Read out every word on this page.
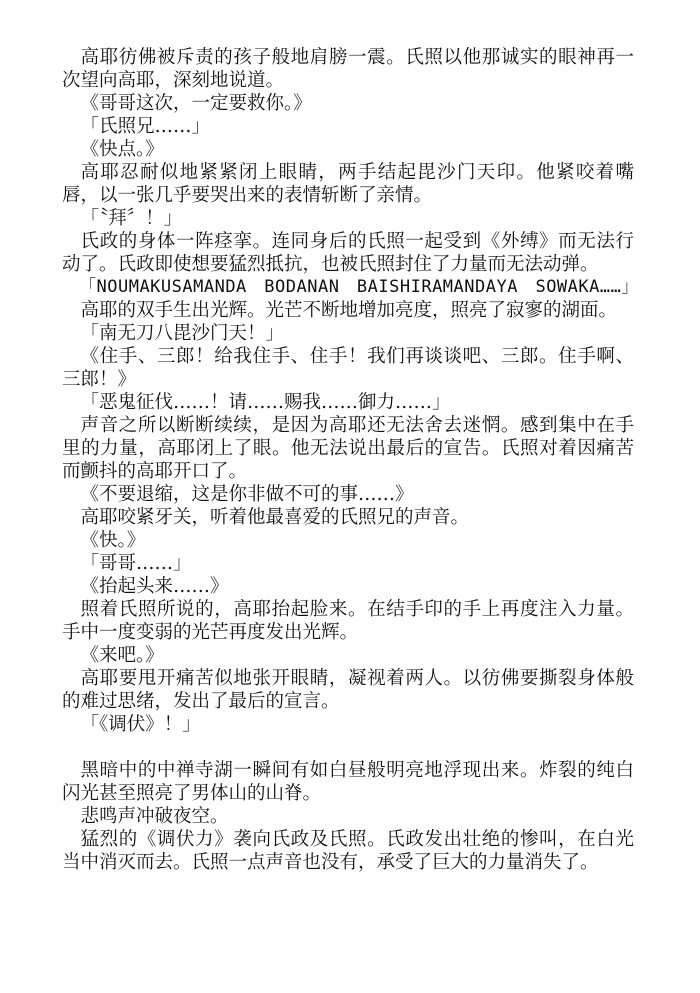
高耶彷佛被斥责的孩子般地肩膀一震。氏照以他那诚实的眼神再一次望向高耶，深刻地说道。

《哥哥这次，一定要救你。》

「氏照兄……」

《快点。》

高耶忍耐似地紧紧闭上眼睛，两手结起毘沙门天印。他紧咬着嘴唇，以一张几乎要哭出来的表情斩断了亲情。

「〝拜〞！」

氏政的身体一阵痉挛。连同身后的氏照一起受到《外缚》而无法行动了。氏政即使想要猛烈抵抗，也被氏照封住了力量而无法动弹。

「NOUMAKUSAMANDA　BODANAN　BAISHIRAMANDAYA　SOWAKA……」

高耶的双手生出光辉。光芒不断地增加亮度，照亮了寂寥的湖面。

「南无刀八毘沙门天！」

《住手、三郎！给我住手、住手！我们再谈谈吧、三郎。住手啊、三郎！》

「恶鬼征伐……！请……赐我……御力……」

声音之所以断断续续，是因为高耶还无法舍去迷惘。感到集中在手里的力量，高耶闭上了眼。他无法说出最后的宣告。氏照对着因痛苦而颤抖的高耶开口了。

《不要退缩，这是你非做不可的事……》

高耶咬紧牙关，听着他最喜爱的氏照兄的声音。

《快。》

「哥哥……」

《抬起头来……》

照着氏照所说的，高耶抬起脸来。在结手印的手上再度注入力量。手中一度变弱的光芒再度发出光辉。

《来吧。》

高耶要甩开痛苦似地张开眼睛，凝视着两人。以彷佛要撕裂身体般的难过思绪，发出了最后的宣言。

「《调伏》！」

黑暗中的中禅寺湖一瞬间有如白昼般明亮地浮现出来。炸裂的纯白闪光甚至照亮了男体山的山脊。

悲鸣声冲破夜空。

猛烈的《调伏力》袭向氏政及氏照。氏政发出壮绝的惨叫，在白光当中消灭而去。氏照一点声音也没有，承受了巨大的力量消失了。
